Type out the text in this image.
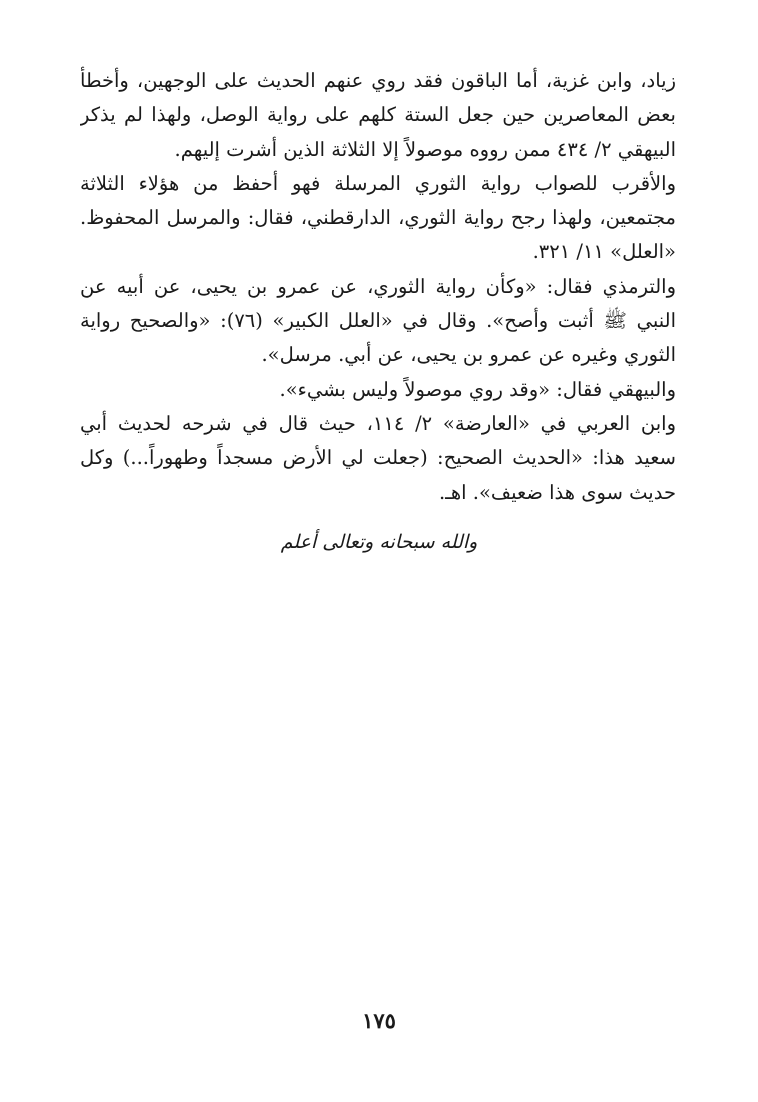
زياد، وابن غزية، أما الباقون فقد روي عنهم الحديث على الوجهين، وأخطأ
بعض المعاصرين حين جعل الستة كلهم على رواية الوصل، ولهذا لم يذكر
البيهقي ٢/ ٤٣٤ ممن رووه موصولاً إلا الثلاثة الذين أشرت إليهم.
والأقرب للصواب رواية الثوري المرسلة فهو أحفظ من هؤلاء الثلاثة
مجتمعين، ولهذا رجح رواية الثوري، الدارقطني، فقال: والمرسل المحفوظ.
«العلل» ١١/ ٣٢١.
والترمذي فقال: «وكأن رواية الثوري، عن عمرو بن يحيى، عن أبيه عن
النبي ﷺ أثبت وأصح». وقال في «العلل الكبير» (٧٦): «والصحيح رواية
الثوري وغيره عن عمرو بن يحيى، عن أبي. مرسل».
والبيهقي فقال: «وقد روي موصولاً وليس بشيء».
وابن العربي في «العارضة» ٢/ ١١٤، حيث قال في شرحه لحديث أبي
سعيد هذا: «الحديث الصحيح: (جعلت لي الأرض مسجداً وطهوراً...) وكل
حديث سوى هذا ضعيف». اهـ.
والله سبحانه وتعالى أعلم
١٧٥
